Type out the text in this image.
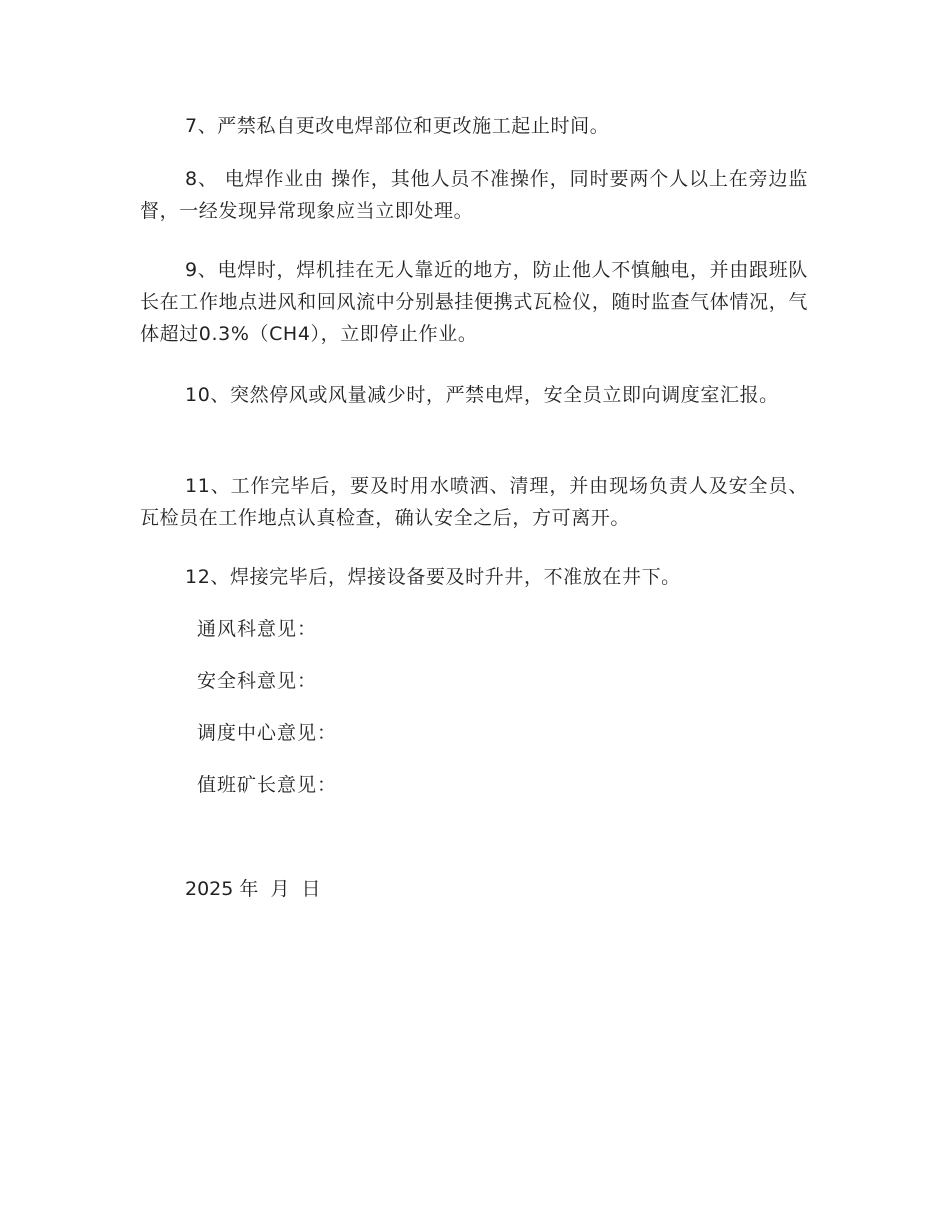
7、严禁私自更改电焊部位和更改施工起止时间。

8、 电焊作业由 操作，其他人员不准操作，同时要两个人以上在旁边监督，一经发现异常现象应当立即处理。

9、电焊时，焊机挂在无人靠近的地方，防止他人不慎触电，并由跟班队长在工作地点进风和回风流中分别悬挂便携式瓦检仪，随时监查气体情况，气体超过0.3%（CH4），立即停止作业。

10、突然停风或风量减少时，严禁电焊，安全员立即向调度室汇报。

11、工作完毕后，要及时用水喷洒、清理，并由现场负责人及安全员、瓦检员在工作地点认真检查，确认安全之后，方可离开。

12、焊接完毕后，焊接设备要及时升井，不准放在井下。

通风科意见：

安全科意见：

调度中心意见：

值班矿长意见：

2025 年  月  日
